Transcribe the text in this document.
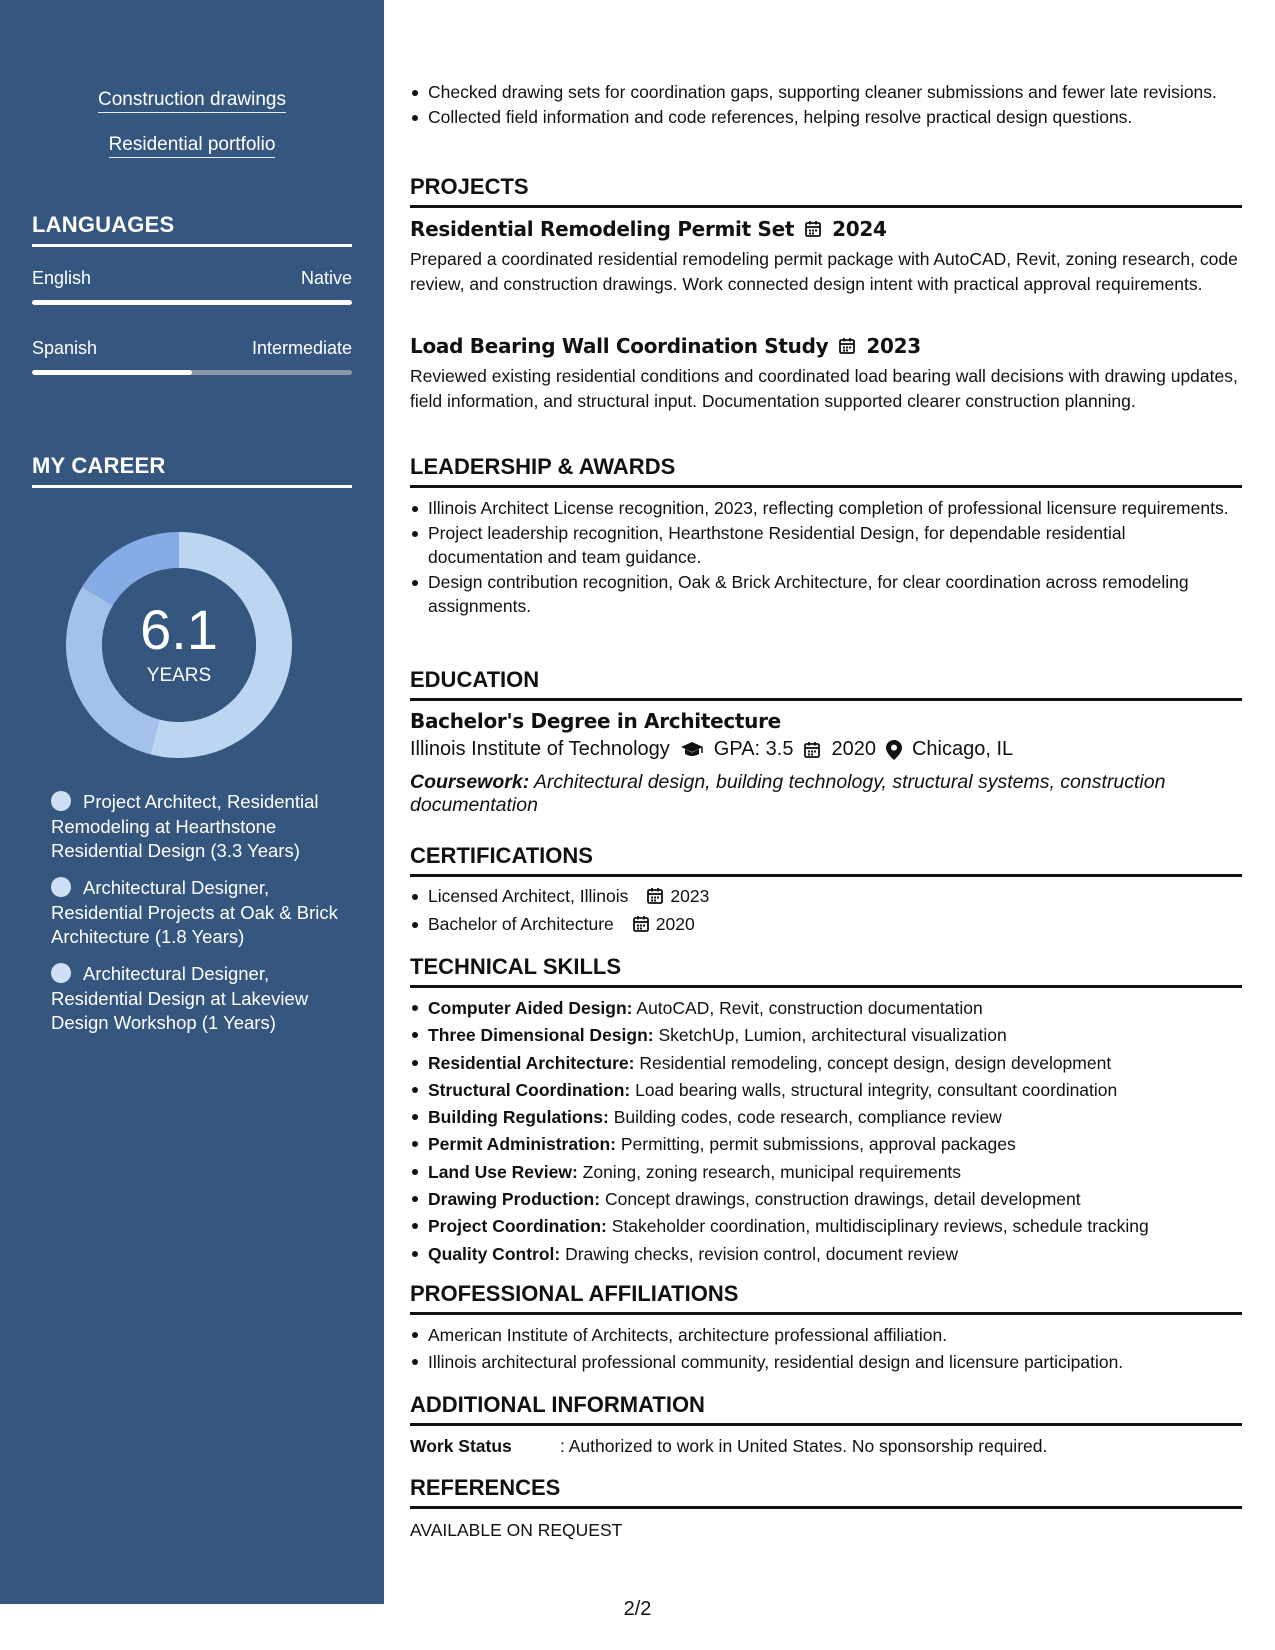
Construction drawings
Residential portfolio
LANGUAGES
English	Native
Spanish	Intermediate
MY CAREER
6.1
YEARS
Project Architect, Residential Remodeling at Hearthstone Residential Design (3.3 Years)
Architectural Designer, Residential Projects at Oak & Brick Architecture (1.8 Years)
Architectural Designer, Residential Design at Lakeview Design Workshop (1 Years)
Checked drawing sets for coordination gaps, supporting cleaner submissions and fewer late revisions.
Collected field information and code references, helping resolve practical design questions.
PROJECTS
Residential Remodeling Permit Set 2024
Prepared a coordinated residential remodeling permit package with AutoCAD, Revit, zoning research, code review, and construction drawings. Work connected design intent with practical approval requirements.
Load Bearing Wall Coordination Study 2023
Reviewed existing residential conditions and coordinated load bearing wall decisions with drawing updates, field information, and structural input. Documentation supported clearer construction planning.
LEADERSHIP & AWARDS
Illinois Architect License recognition, 2023, reflecting completion of professional licensure requirements.
Project leadership recognition, Hearthstone Residential Design, for dependable residential documentation and team guidance.
Design contribution recognition, Oak & Brick Architecture, for clear coordination across remodeling assignments.
EDUCATION
Bachelor's Degree in Architecture
Illinois Institute of Technology GPA: 3.5 2020 Chicago, IL
Coursework: Architectural design, building technology, structural systems, construction documentation
CERTIFICATIONS
Licensed Architect, Illinois 2023
Bachelor of Architecture 2020
TECHNICAL SKILLS
Computer Aided Design: AutoCAD, Revit, construction documentation
Three Dimensional Design: SketchUp, Lumion, architectural visualization
Residential Architecture: Residential remodeling, concept design, design development
Structural Coordination: Load bearing walls, structural integrity, consultant coordination
Building Regulations: Building codes, code research, compliance review
Permit Administration: Permitting, permit submissions, approval packages
Land Use Review: Zoning, zoning research, municipal requirements
Drawing Production: Concept drawings, construction drawings, detail development
Project Coordination: Stakeholder coordination, multidisciplinary reviews, schedule tracking
Quality Control: Drawing checks, revision control, document review
PROFESSIONAL AFFILIATIONS
American Institute of Architects, architecture professional affiliation.
Illinois architectural professional community, residential design and licensure participation.
ADDITIONAL INFORMATION
Work Status	: Authorized to work in United States. No sponsorship required.
REFERENCES
AVAILABLE ON REQUEST
2/2
